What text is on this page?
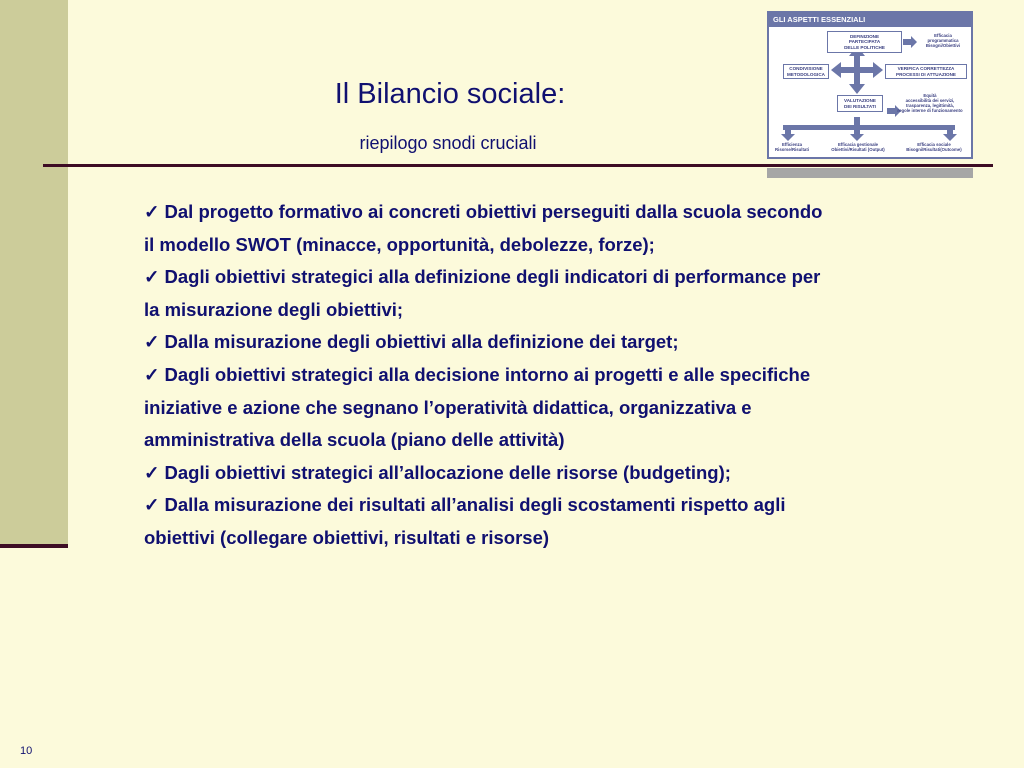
Il Bilancio sociale:
riepilogo snodi cruciali
GLI ASPETTI ESSENZIALI
DEFINIZIONE
PARTECIPATA
DELLE POLITICHE
Efficacia
programmatica
Bisogni/Obiettivi
CONDIVISIONE
METODOLOGICA
VERIFICA CORRETTEZZA
PROCESSI DI ATTUAZIONE
VALUTAZIONE
DEI RISULTATI
Equità
accessibilità dei servizi,
trasparenza, legittimità,
regole interne di funzionamento
Efficienza
Risorse/Risultati
Efficacia gestionale
Obiettivi/Risultati (Output)
Efficacia sociale
Bisogni/Risultati(Outcome)
✓ Dal progetto formativo ai concreti obiettivi perseguiti dalla scuola secondo il modello SWOT (minacce, opportunità, debolezze, forze);
✓ Dagli obiettivi strategici alla definizione degli indicatori di performance per la misurazione degli obiettivi;
✓ Dalla misurazione degli obiettivi alla definizione dei target;
✓ Dagli obiettivi strategici alla decisione intorno ai progetti e alle specifiche iniziative e azione che segnano l’operatività didattica, organizzativa e amministrativa della scuola (piano delle attività)
✓ Dagli obiettivi strategici all’allocazione delle risorse (budgeting);
✓ Dalla misurazione dei risultati all’analisi degli scostamenti rispetto agli obiettivi (collegare obiettivi, risultati e risorse)
10
